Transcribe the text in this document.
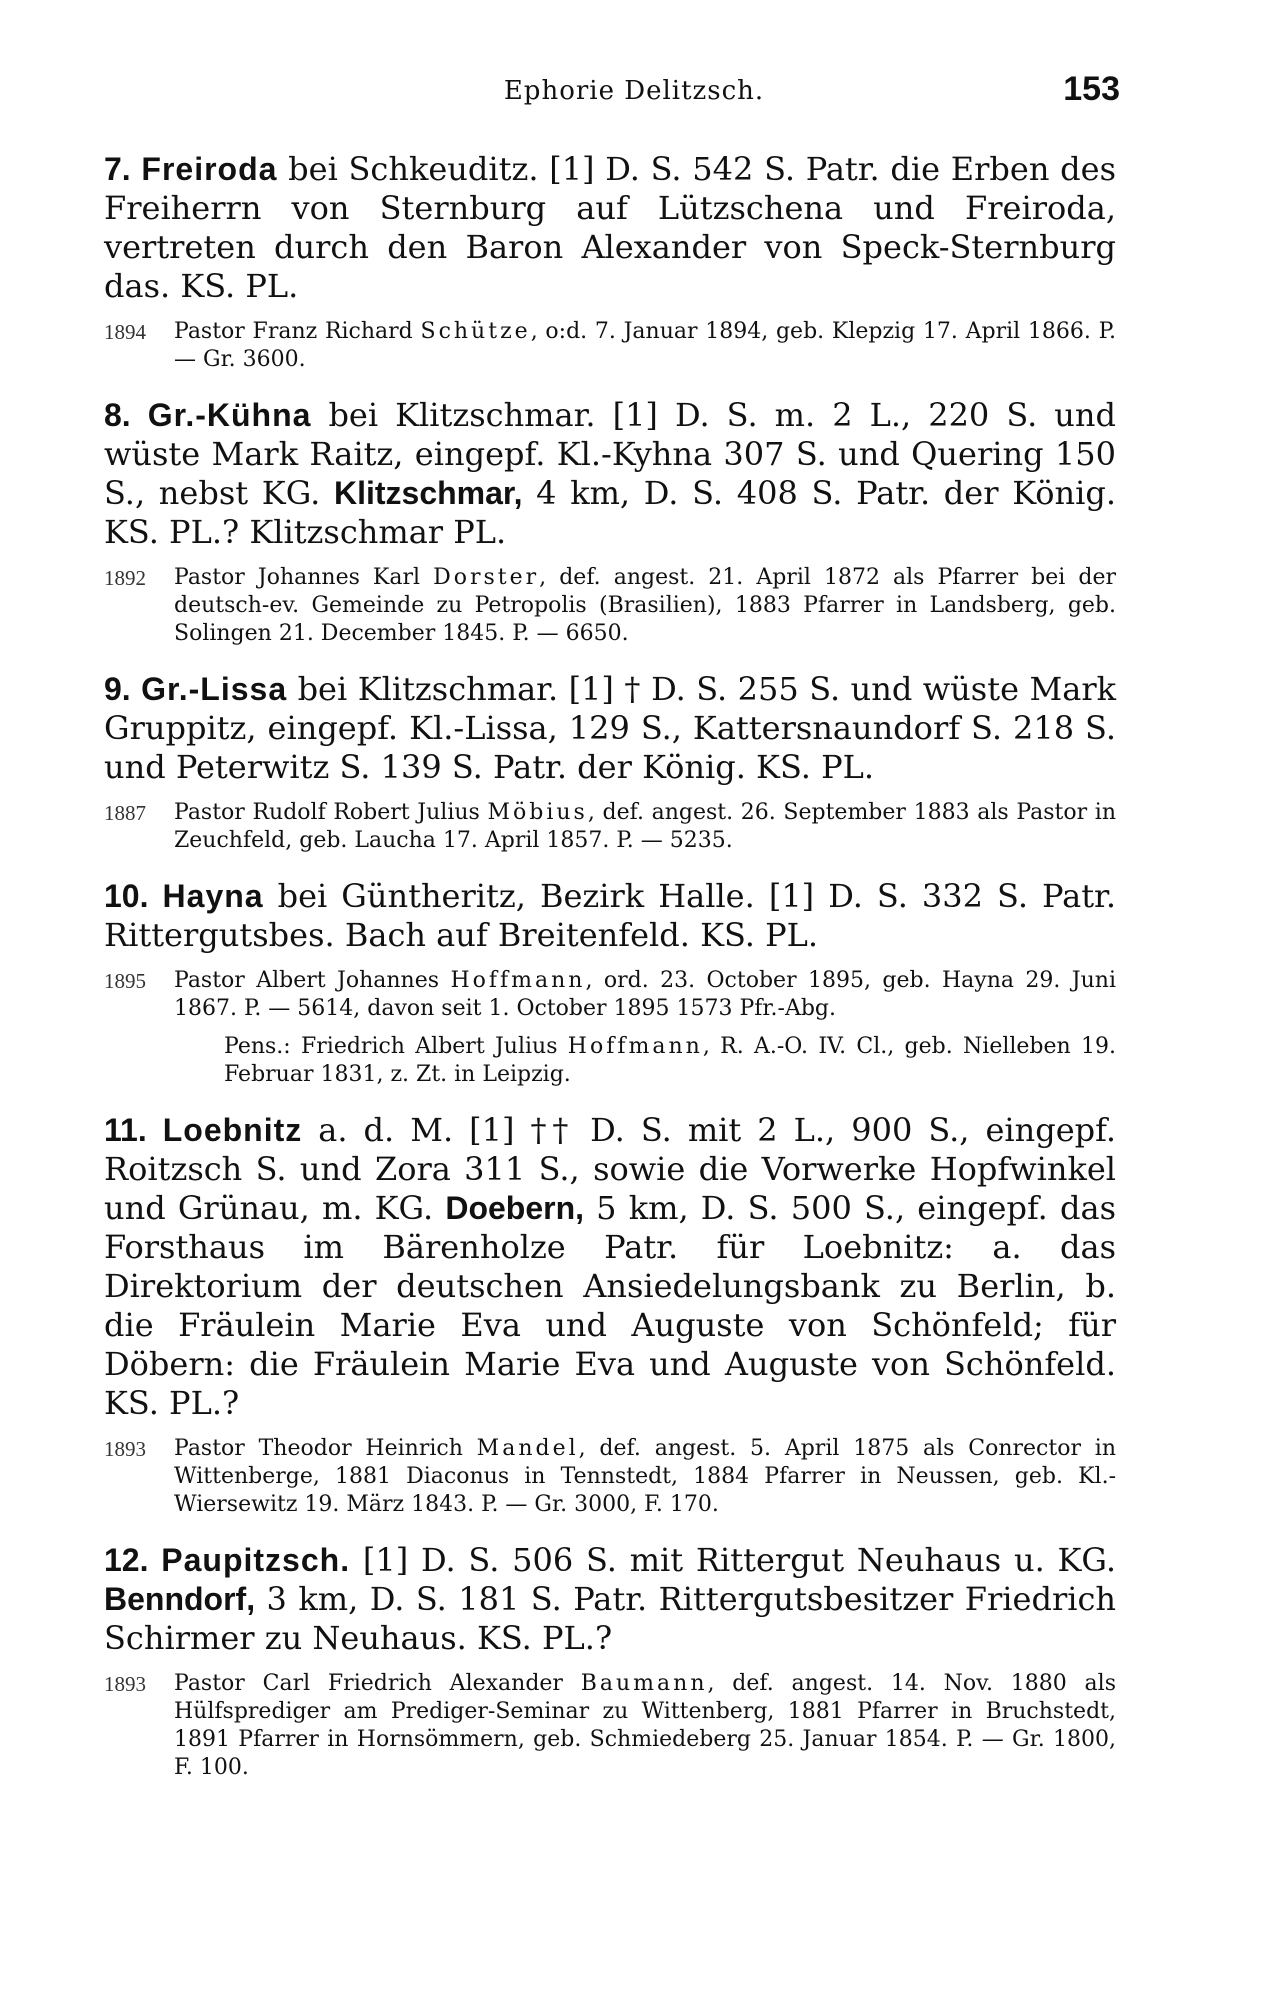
Ephorie Delitzsch.	153

7. Freiroda bei Schkeuditz. [1] D. S. 542 S. Patr. die Erben des Freiherrn von Sternburg auf Lützschena und Freiroda, vertreten durch den Baron Alexander von Speck-Sternburg das. KS. PL.

1894	Pastor Franz Richard Schütze, o:d. 7. Januar 1894, geb. Klepzig 17. April 1866. P. — Gr. 3600.

8. Gr.-Kühna bei Klitzschmar. [1] D. S. m. 2 L., 220 S. und wüste Mark Raitz, eingepf. Kl.-Kyhna 307 S. und Quering 150 S., nebst KG. Klitzschmar, 4 km, D. S. 408 S. Patr. der König. KS. PL.? Klitzschmar PL.

1892	Pastor Johannes Karl Dorster, def. angest. 21. April 1872 als Pfarrer bei der deutsch-ev. Gemeinde zu Petropolis (Brasilien), 1883 Pfarrer in Landsberg, geb. Solingen 21. December 1845. P. — 6650.

9. Gr.-Lissa bei Klitzschmar. [1] † D. S. 255 S. und wüste Mark Gruppitz, eingepf. Kl.-Lissa, 129 S., Kattersnaundorf S. 218 S. und Peterwitz S. 139 S. Patr. der König. KS. PL.

1887	Pastor Rudolf Robert Julius Möbius, def. angest. 26. September 1883 als Pastor in Zeuchfeld, geb. Laucha 17. April 1857. P. — 5235.

10. Hayna bei Güntheritz, Bezirk Halle. [1] D. S. 332 S. Patr. Rittergutsbes. Bach auf Breitenfeld. KS. PL.

1895	Pastor Albert Johannes Hoffmann, ord. 23. October 1895, geb. Hayna 29. Juni 1867. P. — 5614, davon seit 1. October 1895 1573 Pfr.-Abg.
Pens.: Friedrich Albert Julius Hoffmann, R. A.-O. IV. Cl., geb. Nielleben 19. Februar 1831, z. Zt. in Leipzig.

11. Loebnitz a. d. M. [1] †† D. S. mit 2 L., 900 S., eingepf. Roitzsch S. und Zora 311 S., sowie die Vorwerke Hopfwinkel und Grünau, m. KG. Doebern, 5 km, D. S. 500 S., eingepf. das Forsthaus im Bärenholze Patr. für Loebnitz: a. das Direktorium der deutschen Ansiedelungsbank zu Berlin, b. die Fräulein Marie Eva und Auguste von Schönfeld; für Döbern: die Fräulein Marie Eva und Auguste von Schönfeld. KS. PL.?

1893	Pastor Theodor Heinrich Mandel, def. angest. 5. April 1875 als Conrector in Wittenberge, 1881 Diaconus in Tennstedt, 1884 Pfarrer in Neussen, geb. Kl.-Wiersewitz 19. März 1843. P. — Gr. 3000, F. 170.

12. Paupitzsch. [1] D. S. 506 S. mit Rittergut Neuhaus u. KG. Benndorf, 3 km, D. S. 181 S. Patr. Rittergutsbesitzer Friedrich Schirmer zu Neuhaus. KS. PL.?

1893	Pastor Carl Friedrich Alexander Baumann, def. angest. 14. Nov. 1880 als Hülfsprediger am Prediger-Seminar zu Wittenberg, 1881 Pfarrer in Bruchstedt, 1891 Pfarrer in Hornsömmern, geb. Schmiedeberg 25. Januar 1854. P. — Gr. 1800, F. 100.
